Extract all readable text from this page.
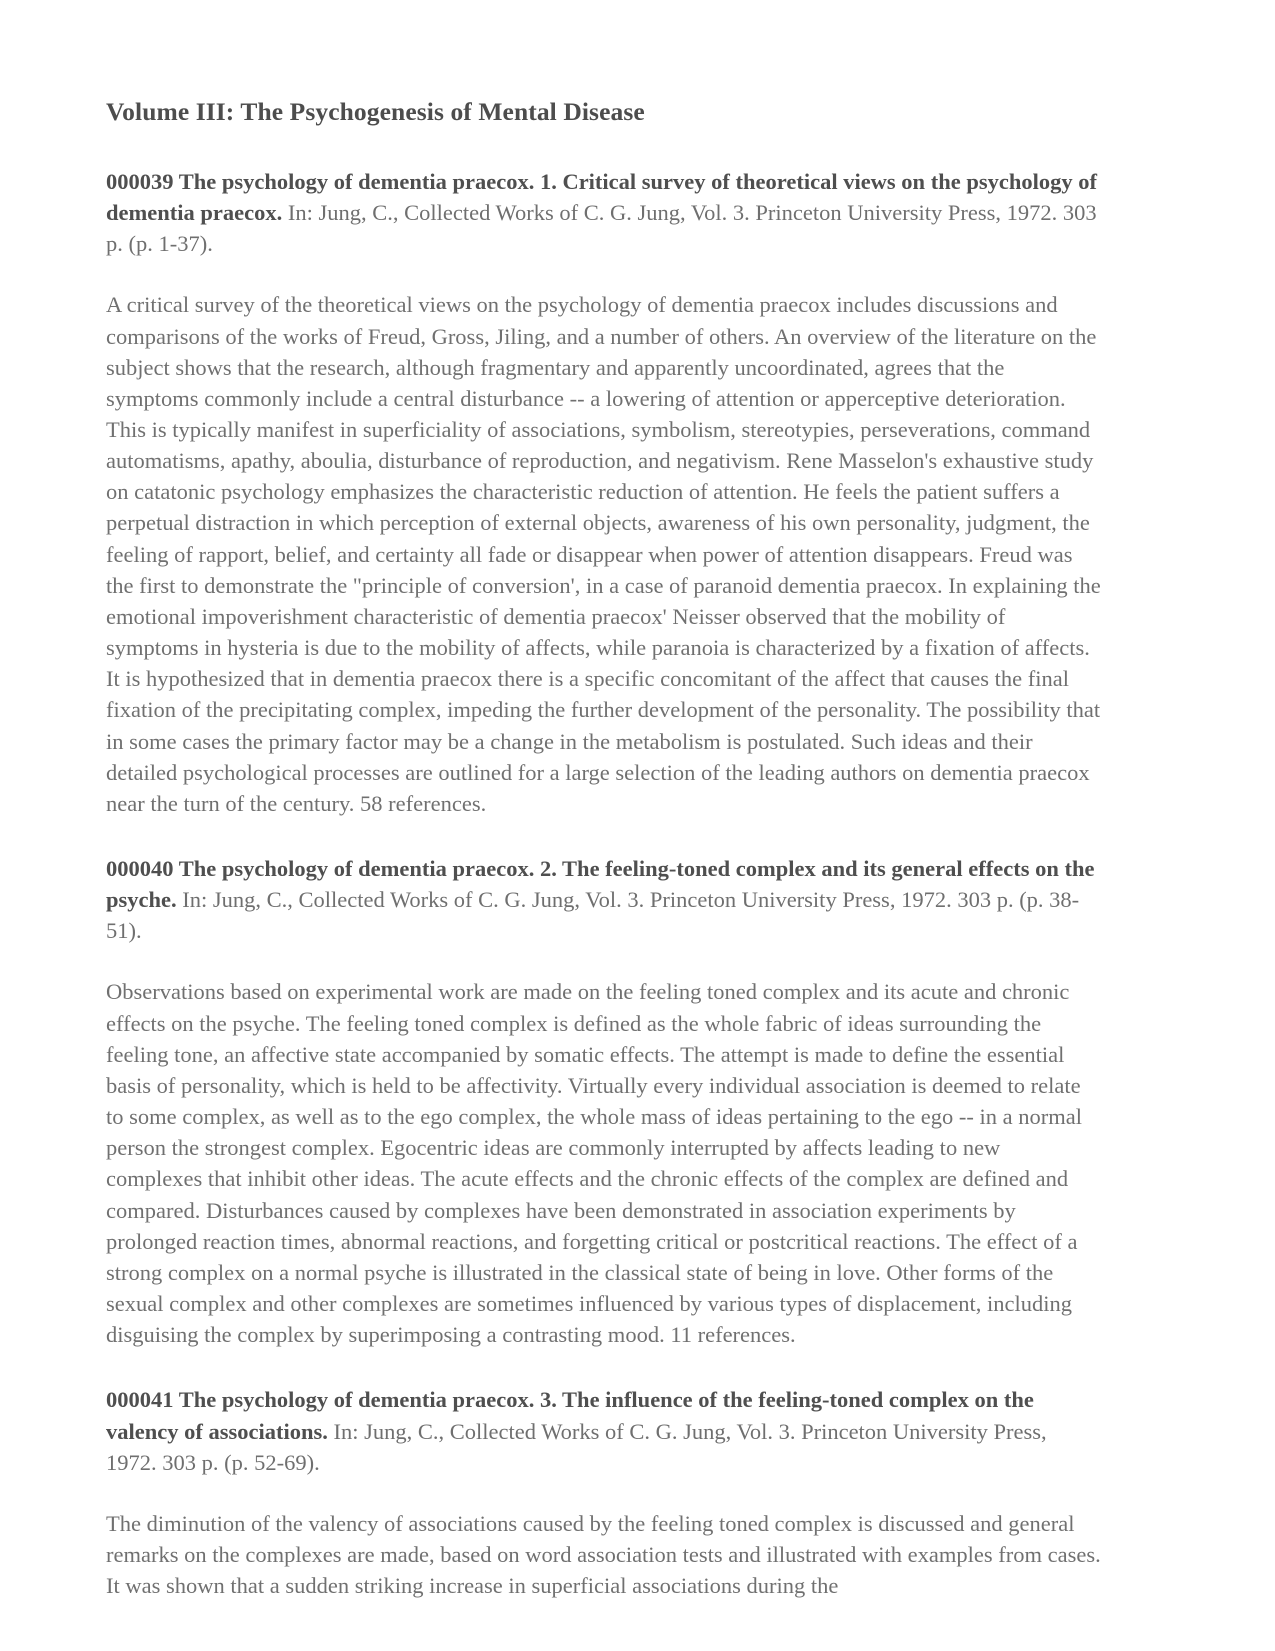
Volume III: The Psychogenesis of Mental Disease

000039 The psychology of dementia praecox. 1. Critical survey of theoretical views on the psychology of dementia praecox. In: Jung, C., Collected Works of C. G. Jung, Vol. 3. Princeton University Press, 1972. 303 p. (p. 1-37).

A critical survey of the theoretical views on the psychology of dementia praecox includes discussions and comparisons of the works of Freud, Gross, Jiling, and a number of others. An overview of the literature on the subject shows that the research, although fragmentary and apparently uncoordinated, agrees that the symptoms commonly include a central disturbance -- a lowering of attention or apperceptive deterioration. This is typically manifest in superficiality of associations, symbolism, stereotypies, perseverations, command automatisms, apathy, aboulia, disturbance of reproduction, and negativism. Rene Masselon's exhaustive study on catatonic psychology emphasizes the characteristic reduction of attention. He feels the patient suffers a perpetual distraction in which perception of external objects, awareness of his own personality, judgment, the feeling of rapport, belief, and certainty all fade or disappear when power of attention disappears. Freud was the first to demonstrate the "principle of conversion', in a case of paranoid dementia praecox. In explaining the emotional impoverishment characteristic of dementia praecox' Neisser observed that the mobility of symptoms in hysteria is due to the mobility of affects, while paranoia is characterized by a fixation of affects. It is hypothesized that in dementia praecox there is a specific concomitant of the affect that causes the final fixation of the precipitating complex, impeding the further development of the personality. The possibility that in some cases the primary factor may be a change in the metabolism is postulated. Such ideas and their detailed psychological processes are outlined for a large selection of the leading authors on dementia praecox near the turn of the century. 58 references.

000040 The psychology of dementia praecox. 2. The feeling-toned complex and its general effects on the psyche. In: Jung, C., Collected Works of C. G. Jung, Vol. 3. Princeton University Press, 1972. 303 p. (p. 38-51).

Observations based on experimental work are made on the feeling toned complex and its acute and chronic effects on the psyche. The feeling toned complex is defined as the whole fabric of ideas surrounding the feeling tone, an affective state accompanied by somatic effects. The attempt is made to define the essential basis of personality, which is held to be affectivity. Virtually every individual association is deemed to relate to some complex, as well as to the ego complex, the whole mass of ideas pertaining to the ego -- in a normal person the strongest complex. Egocentric ideas are commonly interrupted by affects leading to new complexes that inhibit other ideas. The acute effects and the chronic effects of the complex are defined and compared. Disturbances caused by complexes have been demonstrated in association experiments by prolonged reaction times, abnormal reactions, and forgetting critical or postcritical reactions. The effect of a strong complex on a normal psyche is illustrated in the classical state of being in love. Other forms of the sexual complex and other complexes are sometimes influenced by various types of displacement, including disguising the complex by superimposing a contrasting mood. 11 references.

000041 The psychology of dementia praecox. 3. The influence of the feeling-toned complex on the valency of associations. In: Jung, C., Collected Works of C. G. Jung, Vol. 3. Princeton University Press, 1972. 303 p. (p. 52-69).

The diminution of the valency of associations caused by the feeling toned complex is discussed and general remarks on the complexes are made, based on word association tests and illustrated with examples from cases. It was shown that a sudden striking increase in superficial associations during the
